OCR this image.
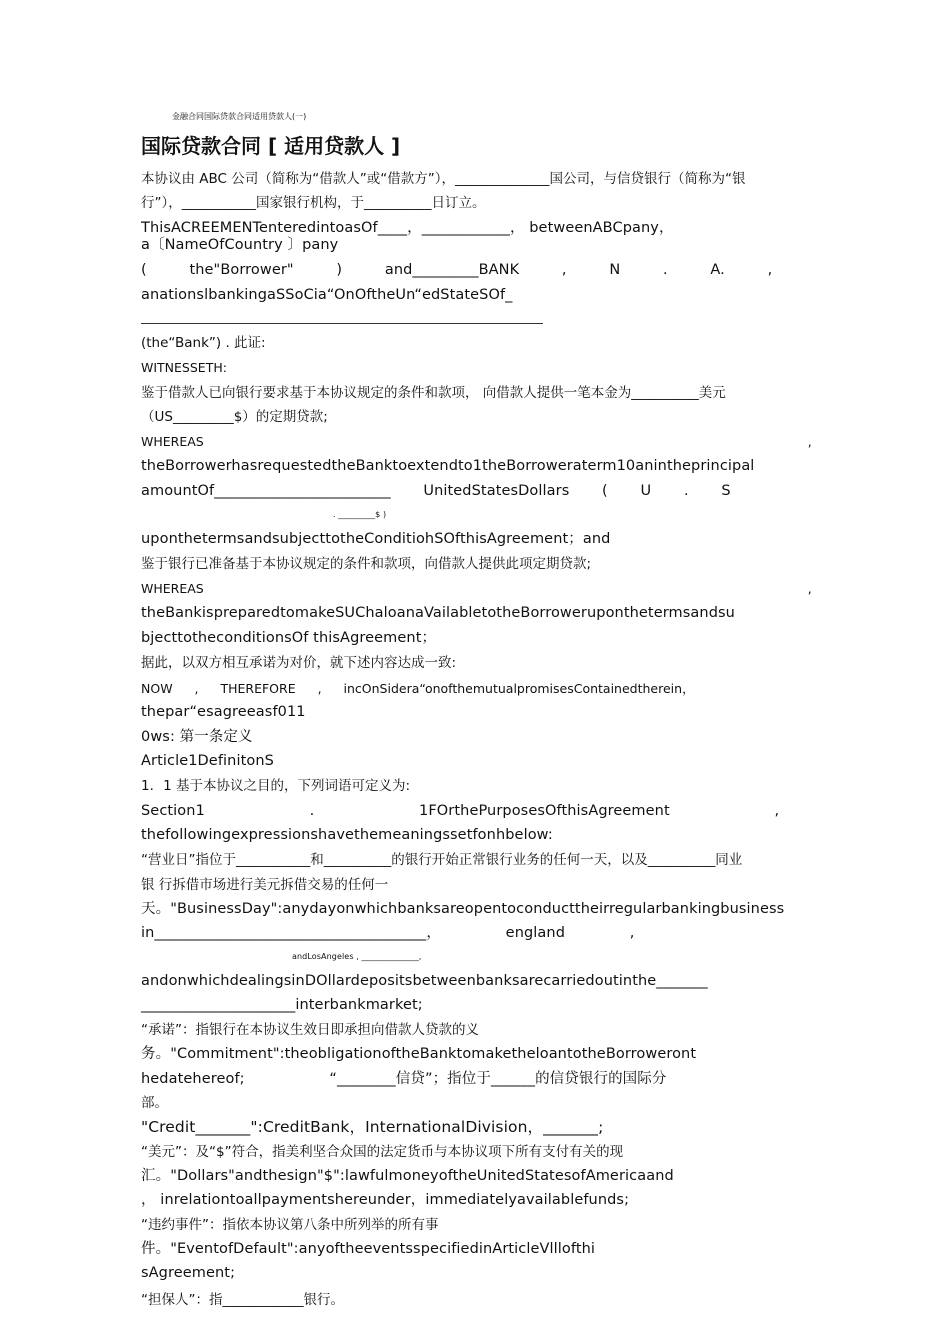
金融合同国际贷款合同适用贷款人(一)
国际贷款合同 [ 适用贷款人 ]
本协议由 ABC 公司（简称为“借款人”或“借款方”），______________国公司，与信贷银行（简称为“银
行”），___________国家银行机构，于__________日订立。
ThisACREEMENTenteredintoasOf____，____________， betweenABCpany，
a〔NameOfCountry 〕pany
( the"Borrower" ) and_________BANK , N . A. ,
anationslbankingaSSoCia“OnOftheUn“edStateSOf_
(the“Bank”) . 此证:
WITNESSETH:
鉴于借款人已向银行要求基于本协议规定的条件和款项， 向借款人提供一笔本金为__________美元
（US_________$）的定期贷款;
WHEREAS ,
theBorrowerhasrequestedtheBanktoextendto1theBorroweraterm10anintheprincipal
amountOf________________________ UnitedStatesDollars ( U . S
. _________$ )
uponthetermsandsubjecttotheConditiohSOfthisAgreement；and
鉴于银行已准备基于本协议规定的条件和款项，向借款人提供此项定期贷款;
WHEREAS ,
theBankispreparedtomakeSUChaloanaVailabletotheBorroweruponthetermsandsu
bjecttotheconditionsOf thisAgreement；
据此，以双方相互承诺为对价，就下述内容达成一致:
NOW , THEREFORE , incOnSidera“onofthemutualpromisesContainedtherein，
thepar“esagreeasf011
0ws: 第一条定义
Article1DefinitonS
1．1 基于本协议之目的，下列词语可定义为:
Section1 . 1FOrthePurposesOfthisAgreement ,
thefollowingexpressionshavethemeaningssetfonhbelow:
“营业日”指位于___________和__________的银行开始正常银行业务的任何一天，以及__________同业
银 行拆借市场进行美元拆借交易的任何一
天。"BusinessDay":anydayonwhichbanksareopentoconducttheirregularbankingbusiness
in_____________________________________， england ,
andLosAngeles , ______________,
andonwhichdealingsinDOllardepositsbetweenbanksarecarriedoutinthe_______
_____________________interbankmarket;
“承诺”：指银行在本协议生效日即承担向借款人贷款的义
务。"Commitment":theobligationoftheBanktomaketheloantotheBorroweront
hedatehereof; “________信贷”；指位于______的信贷银行的国际分
部。
"Credit_______":CreditBank，InternationalDivision，_______;
“美元”：及“$”符合，指美利坚合众国的法定货币与本协议项下所有支付有关的现
汇。"Dollars"andthesign"$":lawfulmoneyoftheUnitedStatesofAmericaand
， inrelationtoallpaymentshereunder，immediatelyavailablefunds;
“违约事件”：指依本协议第八条中所列举的所有事
件。"EventofDefault":anyoftheeventsspecifiedinArticleVlllofthi
sAgreement;
“担保人”：指____________银行。
